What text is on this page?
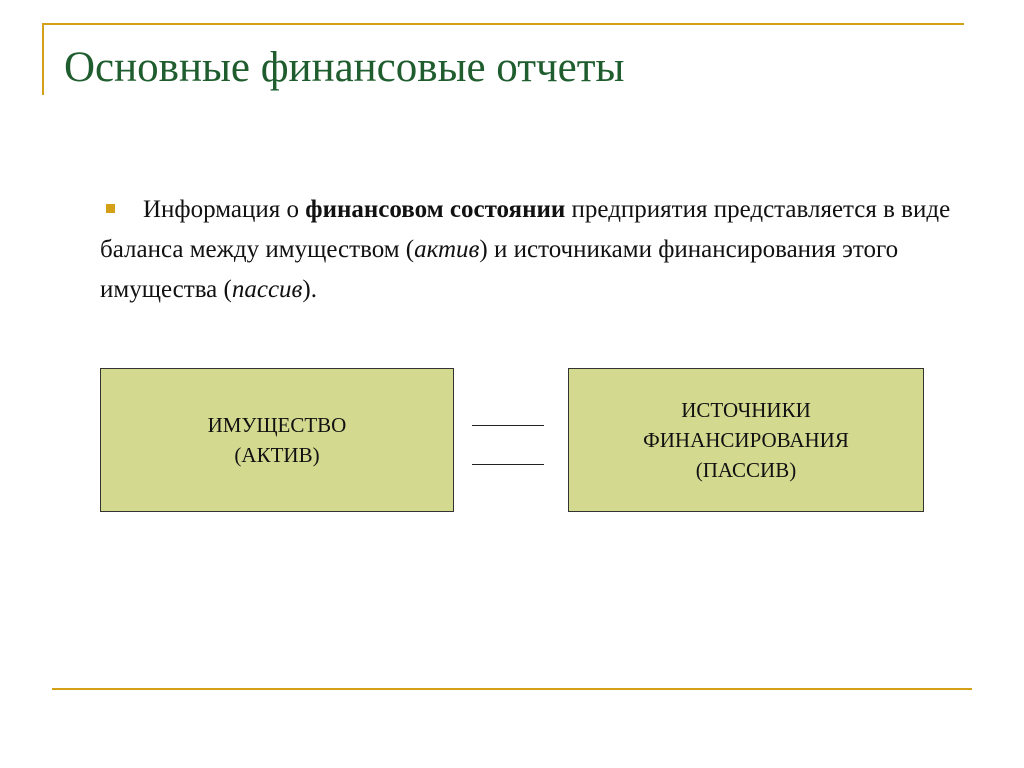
Основные финансовые отчеты
Информация о финансовом состоянии предприятия представляется в виде баланса между имуществом (актив) и источниками финансирования этого имущества (пассив).
ИМУЩЕСТВО
(АКТИВ)
ИСТОЧНИКИ
ФИНАНСИРОВАНИЯ
(ПАССИВ)
